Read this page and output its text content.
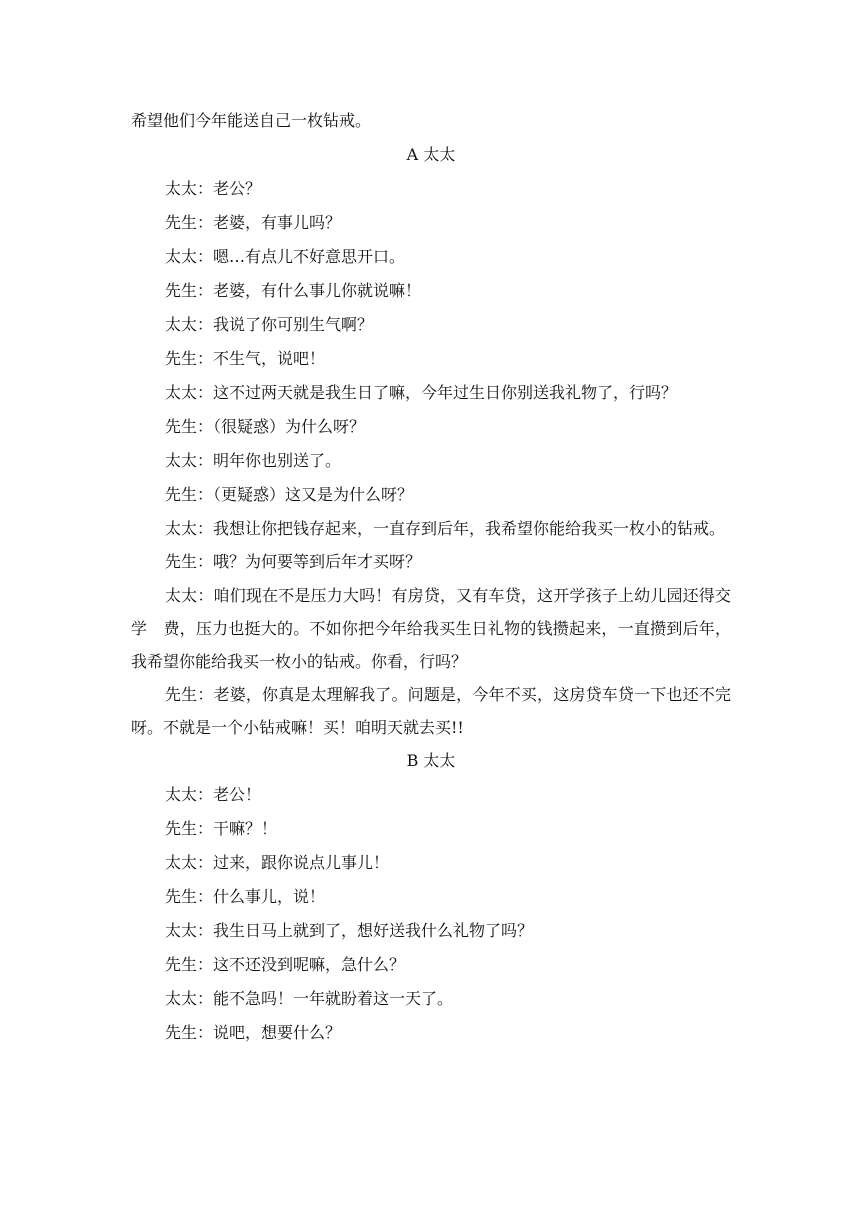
希望他们今年能送自己一枚钻戒。
A 太太
太太：老公？
先生：老婆，有事儿吗？
太太：嗯…有点儿不好意思开口。
先生：老婆，有什么事儿你就说嘛！
太太：我说了你可别生气啊？
先生：不生气，说吧！
太太：这不过两天就是我生日了嘛，今年过生日你别送我礼物了，行吗？
先生：（很疑惑）为什么呀？
太太：明年你也别送了。
先生：（更疑惑）这又是为什么呀？
太太：我想让你把钱存起来，一直存到后年，我希望你能给我买一枚小的钻戒。
先生：哦？为何要等到后年才买呀？
太太：咱们现在不是压力大吗！有房贷，又有车贷，这开学孩子上幼儿园还得交学　费，压力也挺大的。不如你把今年给我买生日礼物的钱攒起来，一直攒到后年，我希望你能给我买一枚小的钻戒。你看，行吗？
先生：老婆，你真是太理解我了。问题是，今年不买，这房贷车贷一下也还不完呀。不就是一个小钻戒嘛！买！咱明天就去买!!
B 太太
太太：老公！
先生：干嘛？！
太太：过来，跟你说点儿事儿！
先生：什么事儿，说！
太太：我生日马上就到了，想好送我什么礼物了吗？
先生：这不还没到呢嘛，急什么？
太太：能不急吗！一年就盼着这一天了。
先生：说吧，想要什么？
